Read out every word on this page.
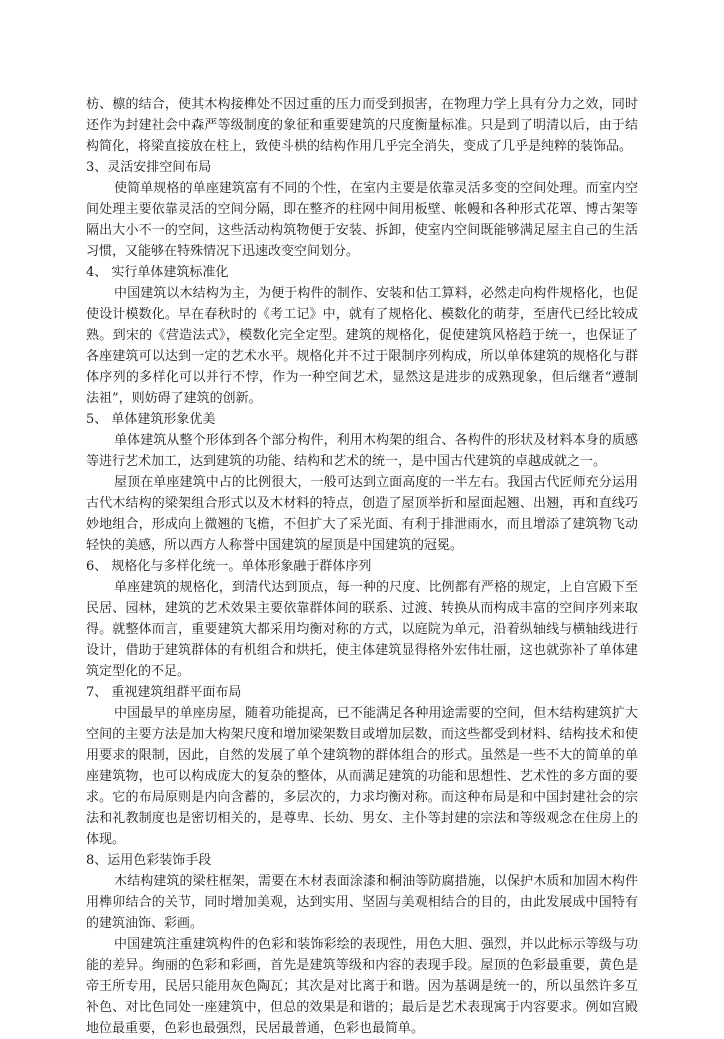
枋、檩的结合，使其木构接榫处不因过重的压力而受到损害，在物理力学上具有分力之效，同时还作为封建社会中森严等级制度的象征和重要建筑的尺度衡量标准。只是到了明清以后，由于结构简化，将梁直接放在柱上，致使斗栱的结构作用几乎完全消失，变成了几乎是纯粹的装饰品。

3、灵活安排空间布局

使简单规格的单座建筑富有不同的个性，在室内主要是依靠灵活多变的空间处理。而室内空间处理主要依靠灵活的空间分隔，即在整齐的柱网中间用板壁、帐幔和各种形式花罩、博古架等隔出大小不一的空间，这些活动构筑物便于安装、拆卸，使室内空间既能够满足屋主自己的生活习惯，又能够在特殊情况下迅速改变空间划分。

4、 实行单体建筑标准化

中国建筑以木结构为主，为便于构件的制作、安装和估工算料，必然走向构件规格化，也促使设计模数化。早在春秋时的《考工记》中，就有了规格化、模数化的萌芽，至唐代已经比较成熟。到宋的《营造法式》，模数化完全定型。建筑的规格化，促使建筑风格趋于统一，也保证了各座建筑可以达到一定的艺术水平。规格化并不过于限制序列构成，所以单体建筑的规格化与群体序列的多样化可以并行不悖，作为一种空间艺术，显然这是进步的成熟现象，但后继者“遵制法祖”，则妨碍了建筑的创新。

5、 单体建筑形象优美

单体建筑从整个形体到各个部分构件，利用木构架的组合、各构件的形状及材料本身的质感等进行艺术加工，达到建筑的功能、结构和艺术的统一，是中国古代建筑的卓越成就之一。

屋顶在单座建筑中占的比例很大，一般可达到立面高度的一半左右。我国古代匠师充分运用古代木结构的梁架组合形式以及木材料的特点，创造了屋顶举折和屋面起翘、出翘，再和直线巧妙地组合，形成向上微翘的飞檐，不但扩大了采光面、有利于排泄雨水，而且增添了建筑物飞动轻快的美感，所以西方人称誉中国建筑的屋顶是中国建筑的冠冕。

6、 规格化与多样化统一。单体形象融于群体序列

单座建筑的规格化，到清代达到顶点，每一种的尺度、比例都有严格的规定，上自宫殿下至民居、园林，建筑的艺术效果主要依靠群体间的联系、过渡、转换从而构成丰富的空间序列来取得。就整体而言，重要建筑大都采用均衡对称的方式，以庭院为单元，沿着纵轴线与横轴线进行设计，借助于建筑群体的有机组合和烘托，使主体建筑显得格外宏伟壮丽，这也就弥补了单体建筑定型化的不足。

7、 重视建筑组群平面布局

中国最早的单座房屋，随着功能提高，已不能满足各种用途需要的空间，但木结构建筑扩大空间的主要方法是加大构架尺度和增加梁架数目或增加层数，而这些都受到材料、结构技术和使用要求的限制，因此，自然的发展了单个建筑物的群体组合的形式。虽然是一些不大的简单的单座建筑物，也可以构成庞大的复杂的整体，从而满足建筑的功能和思想性、艺术性的多方面的要求。它的布局原则是内向含蓄的，多层次的，力求均衡对称。而这种布局是和中国封建社会的宗法和礼教制度也是密切相关的，是尊卑、长幼、男女、主仆等封建的宗法和等级观念在住房上的体现。

8、运用色彩装饰手段

木结构建筑的梁柱框架，需要在木材表面涂漆和桐油等防腐措施，以保护木质和加固木构件用榫卯结合的关节，同时增加美观，达到实用、坚固与美观相结合的目的，由此发展成中国特有的建筑油饰、彩画。

中国建筑注重建筑构件的色彩和装饰彩绘的表现性，用色大胆、强烈，并以此标示等级与功能的差异。绚丽的色彩和彩画，首先是建筑等级和内容的表现手段。屋顶的色彩最重要，黄色是帝王所专用，民居只能用灰色陶瓦；其次是对比离于和谐。因为基调是统一的，所以虽然许多互补色、对比色同处一座建筑中，但总的效果是和谐的；最后是艺术表现寓于内容要求。例如宫殿地位最重要，色彩也最强烈，民居最普通，色彩也最简单。
